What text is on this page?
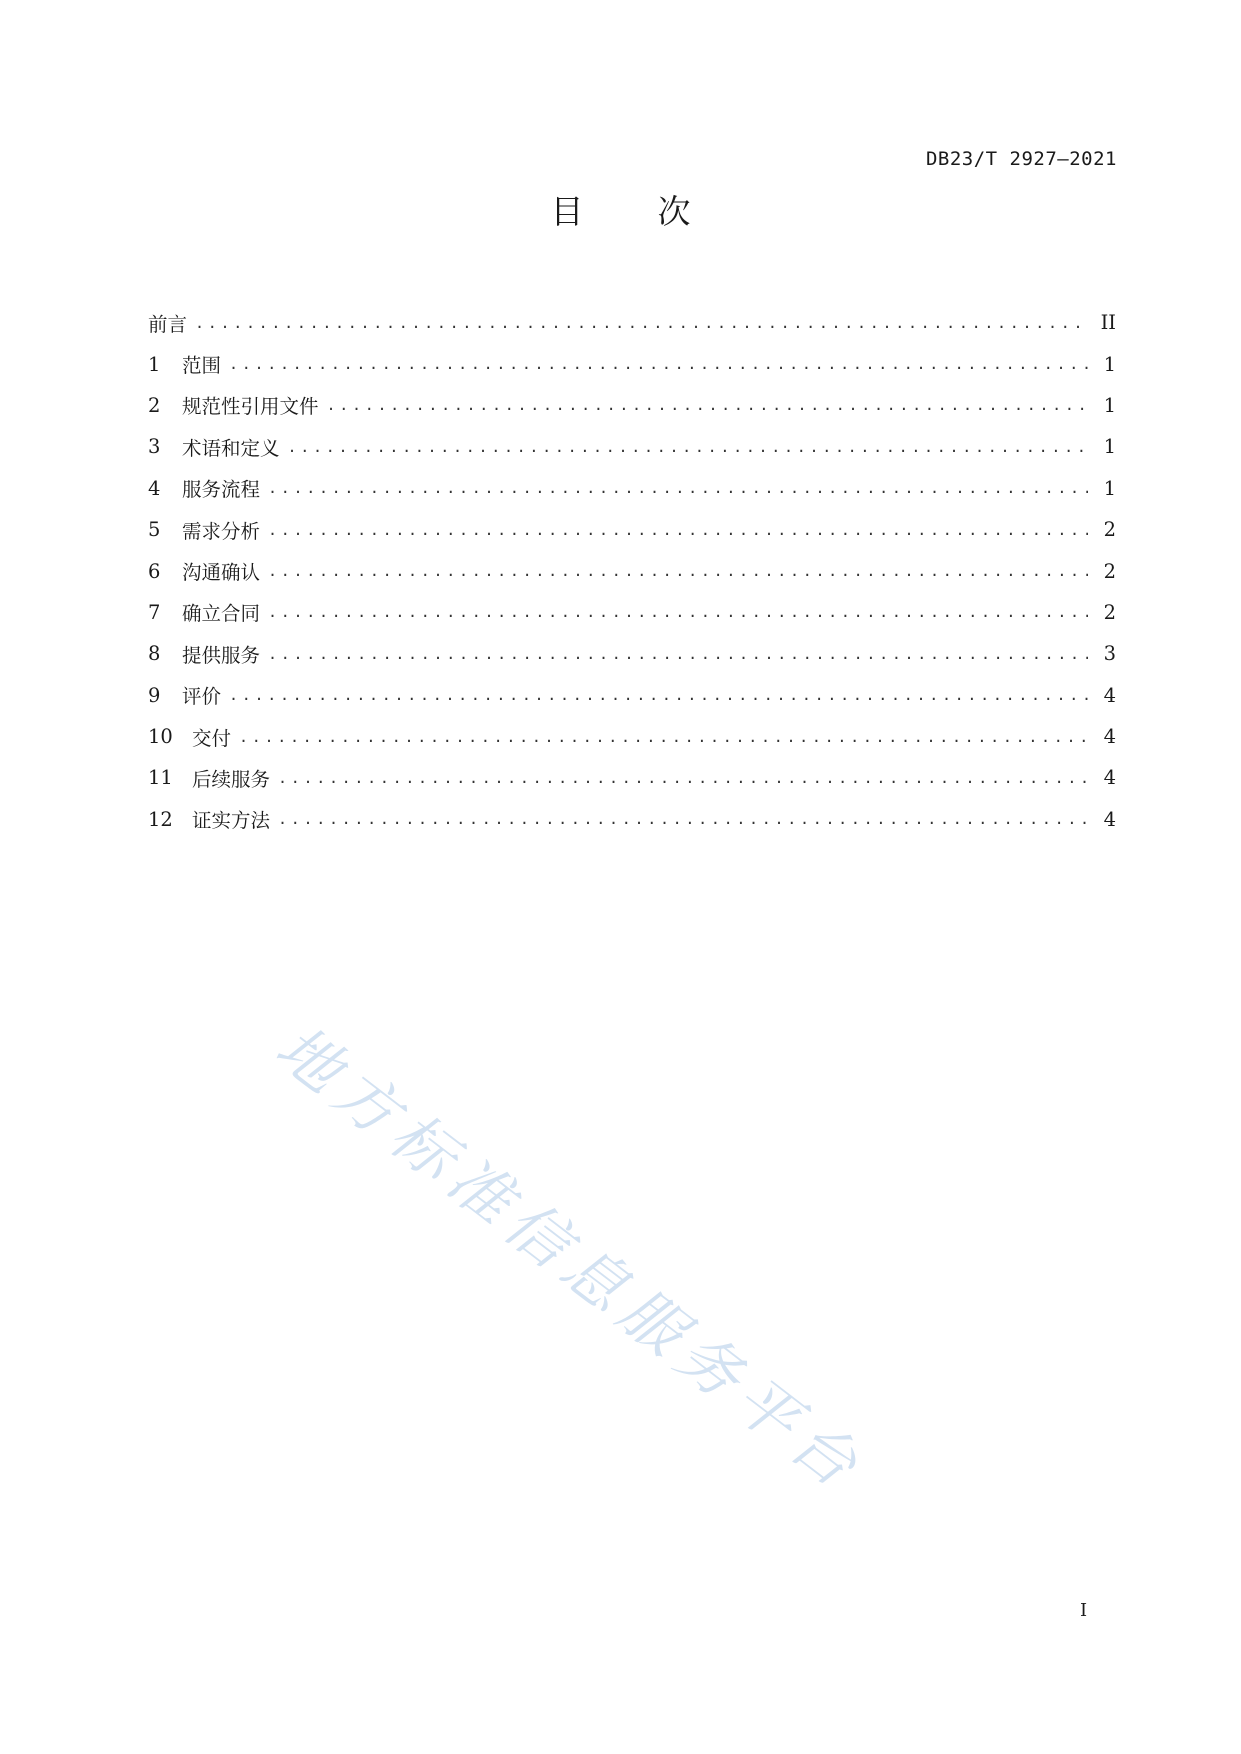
DB23/T 2927—2021
目 次
前言 .....	II
1	范围 .....	1
2	规范性引用文件 .....	1
3	术语和定义 .....	1
4	服务流程 .....	1
5	需求分析 .....	2
6	沟通确认 .....	2
7	确立合同 .....	2
8	提供服务 .....	3
9	评价 .....	4
10 交付 .....	4
11 后续服务 .....	4
12 证实方法 .....	4
地方标准信息服务平台
I
